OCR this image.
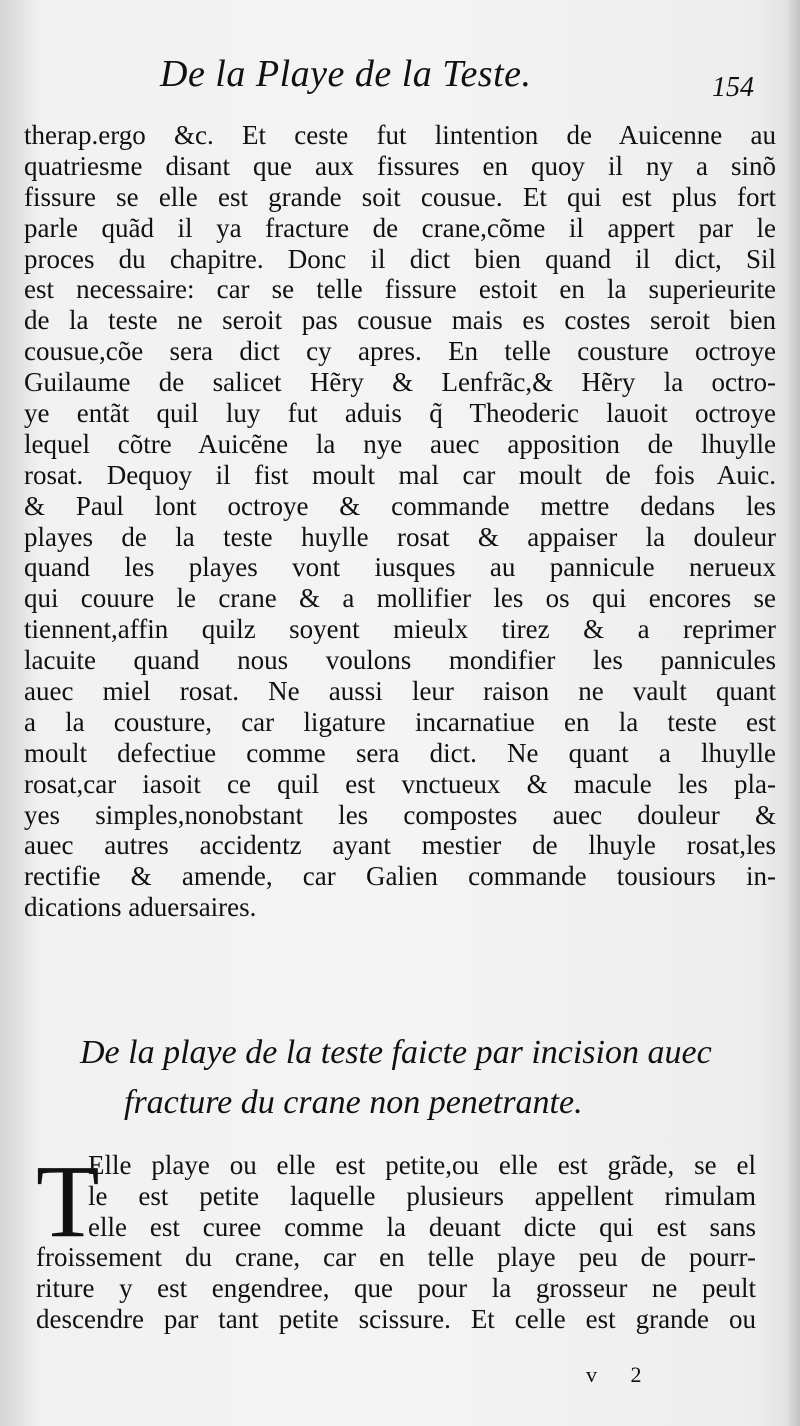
De la Playe de la Teste.	154
therap.ergo &c. Et ceste fut lintention de Auicenne au
quatriesme disant que aux fissures en quoy il ny a sinõ
fissure se elle est grande soit cousue. Et qui est plus fort
parle quãd il ya fracture de crane,cõme il appert par le
proces du chapitre. Donc il dict bien quand il dict, Sil
est necessaire: car se telle fissure estoit en la superieurite
de la teste ne seroit pas cousue mais es costes seroit bien
cousue,cõe sera dict cy apres. En telle cousture octroye
Guilaume de salicet Hẽry & Lenfrãc,& Hẽry la octro-
ye entãt quil luy fut aduis q̃ Theoderic lauoit octroye
lequel cõtre Auicẽne la nye auec apposition de lhuylle
rosat. Dequoy il fist moult mal car moult de fois Auic.
& Paul lont octroye & commande mettre dedans les
playes de la teste huylle rosat & appaiser la douleur
quand les playes vont iusques au pannicule nerueux
qui couure le crane & a mollifier les os qui encores se
tiennent,affin quilz soyent mieulx tirez & a reprimer
lacuite quand nous voulons mondifier les pannicules
auec miel rosat. Ne aussi leur raison ne vault quant
a la cousture, car ligature incarnatiue en la teste est
moult defectiue comme sera dict. Ne quant a lhuylle
rosat,car iasoit ce quil est vnctueux & macule les pla-
yes simples,nonobstant les compostes auec douleur &
auec autres accidentz ayant mestier de lhuyle rosat,les
rectifie & amende, car Galien commande tousiours in-
dications aduersaires.
De la playe de la teste faicte par incision auec
fracture du crane non penetrante.
T
Elle playe ou elle est petite,ou elle est grãde, se el
le est petite laquelle plusieurs appellent rimulam
elle est curee comme la deuant dicte qui est sans
froissement du crane, car en telle playe peu de pourr-
riture y est engendree, que pour la grosseur ne peult
descendre par tant petite scissure. Et celle est grande ou
v 2
